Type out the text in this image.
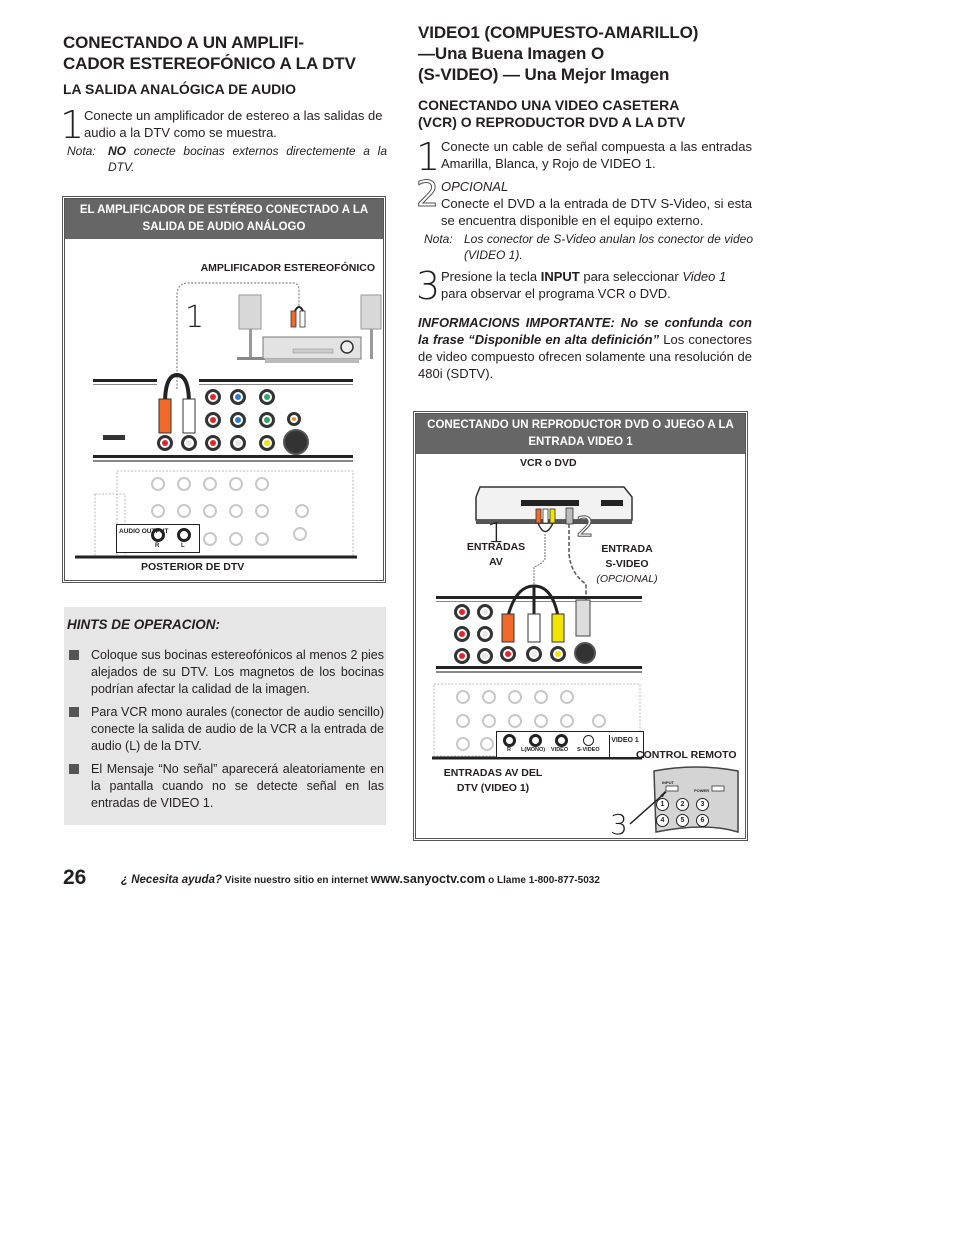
CONECTANDO A UN AMPLIFI-
CADOR ESTEREOFÓNICO A LA DTV
LA SALIDA ANALÓGICA DE AUDIO
1 Conecte un amplificador de estereo a las salidas de audio a la DTV como se muestra.
Nota:	NO conecte bocinas externos directemente a la DTV.
EL AMPLIFICADOR DE ESTÉREO CONECTADO A LA SALIDA DE AUDIO ANÁLOGO
AMPLIFICADOR ESTEREOFÓNICO
1
AUDIO OUTPUT
R	L
POSTERIOR DE DTV
HINTS DE OPERACION:
Coloque sus bocinas estereofónicos al menos 2 pies alejados de su DTV. Los magnetos de los bocinas podrían afectar la calidad de la imagen.
Para VCR mono aurales (conector de audio sencillo) conecte la salida de audio de la VCR a la entrada de audio (L) de la DTV.
El Mensaje “No señal” aparecerá aleatoriamente en la pantalla cuando no se detecte señal en las entradas de VIDEO 1.
VIDEO1 (COMPUESTO-AMARILLO)
—Una Buena Imagen O
(S-VIDEO) — Una Mejor Imagen
CONECTANDO UNA VIDEO CASETERA
(VCR) O REPRODUCTOR DVD A LA DTV
1 Conecte un cable de señal compuesta a las entradas Amarilla, Blanca, y Rojo de VIDEO 1.
2 OPCIONAL
Conecte el DVD a la entrada de DTV S-Video, si esta se encuentra disponible en el equipo externo.
Nota: Los conector de S-Video anulan los conector de video (VIDEO 1).
3 Presione la tecla INPUT para seleccionar Video 1 para observar el programa VCR o DVD.
INFORMACIONS IMPORTANTE: No se confunda con la frase “Disponible en alta definición” Los conectores de video compuesto ofrecen solamente una resolución de 480i (SDTV).
CONECTANDO UN REPRODUCTOR DVD O JUEGO A LA ENTRADA VIDEO 1
VCR o DVD
1	2
3
ENTRADAS
AV
ENTRADA
S-VIDEO
(OPCIONAL)
R L(MONO) VIDEO S-VIDEO
VIDEO 1
CONTROL REMOTO
INPUT
POWER
1	2	3
4	5	6
ENTRADAS AV DEL
DTV (VIDEO 1)
26	¿ Necesita ayuda? Visite nuestro sitio en internet www.sanyoctv.com o Llame 1-800-877-5032
